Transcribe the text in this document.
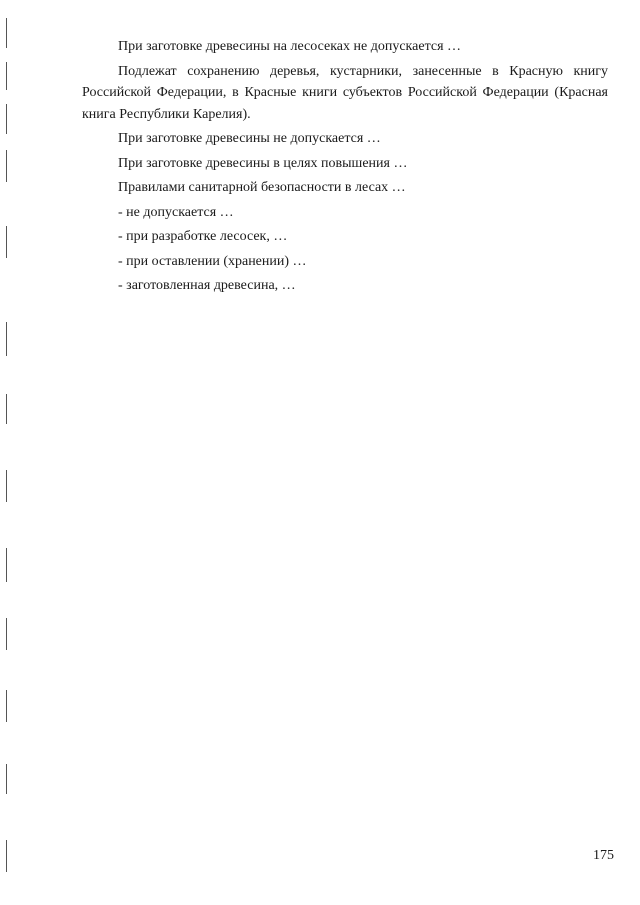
При заготовке древесины на лесосеках не допускается …

Подлежат сохранению деревья, кустарники, занесенные в Красную книгу Российской Федерации, в Красные книги субъектов Российской Федерации (Красная книга Республики Карелия).

При заготовке древесины не допускается …

При заготовке древесины в целях повышения …

Правилами санитарной безопасности в лесах …

- не допускается …

- при разработке лесосек, …

- при оставлении (хранении) …

- заготовленная древесина, …

175
